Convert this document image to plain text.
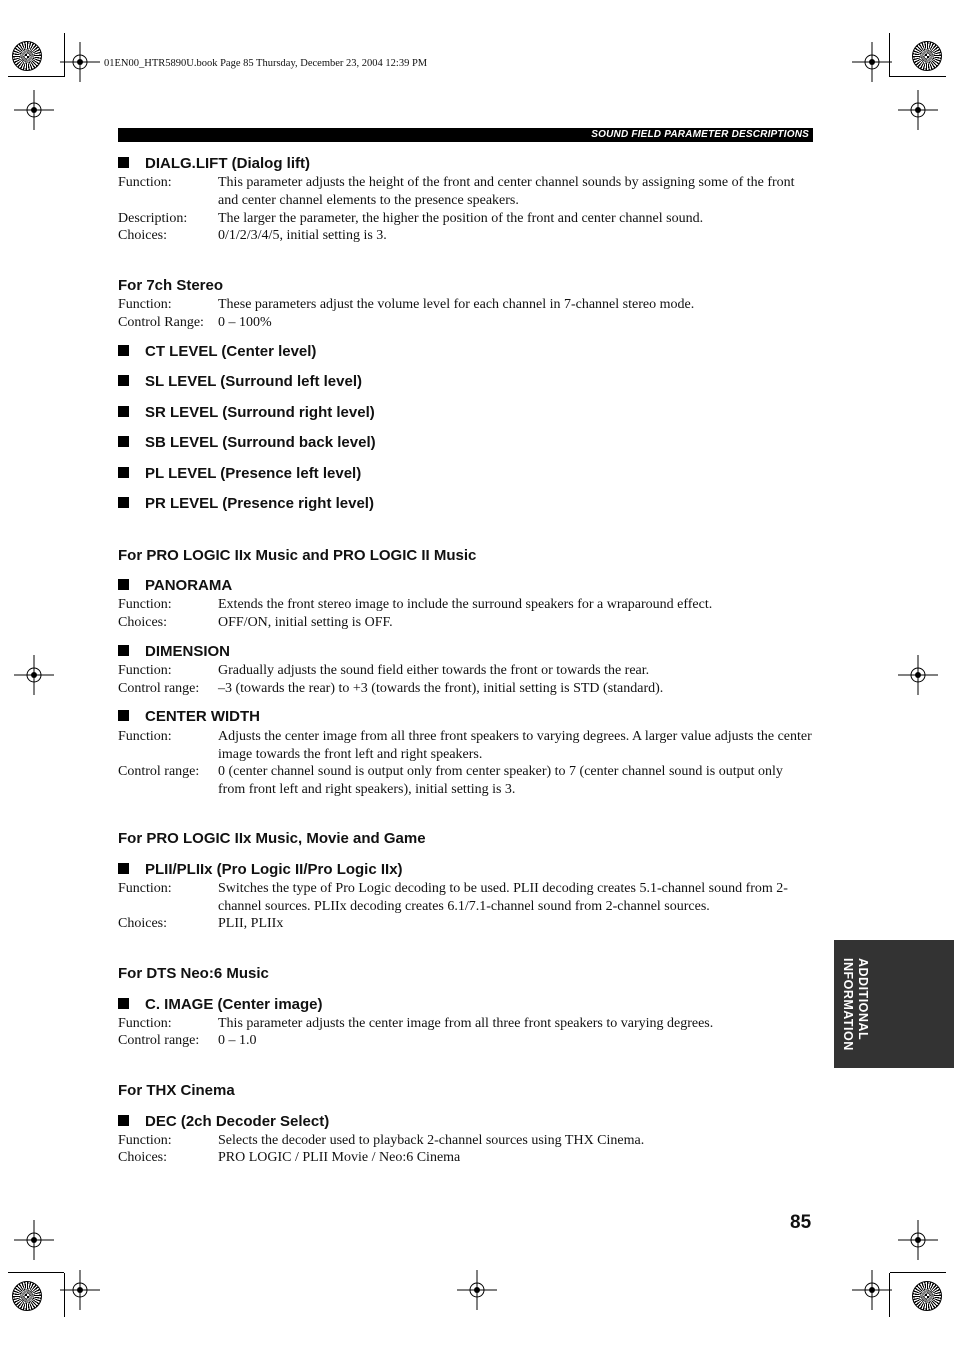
01EN00_HTR5890U.book Page 85 Thursday, December 23, 2004 12:39 PM
SOUND FIELD PARAMETER DESCRIPTIONS
DIALG.LIFT (Dialog lift)
Function:	This parameter adjusts the height of the front and center channel sounds by assigning some of the front and center channel elements to the presence speakers.
Description:	The larger the parameter, the higher the position of the front and center channel sound.
Choices:	0/1/2/3/4/5, initial setting is 3.
For 7ch Stereo
Function:	These parameters adjust the volume level for each channel in 7-channel stereo mode.
Control Range:	0 – 100%
CT LEVEL (Center level)
SL LEVEL (Surround left level)
SR LEVEL (Surround right level)
SB LEVEL (Surround back level)
PL LEVEL (Presence left level)
PR LEVEL (Presence right level)
For PRO LOGIC IIx Music and PRO LOGIC II Music
PANORAMA
Function:	Extends the front stereo image to include the surround speakers for a wraparound effect.
Choices:	OFF/ON, initial setting is OFF.
DIMENSION
Function:	Gradually adjusts the sound field either towards the front or towards the rear.
Control range:	–3 (towards the rear) to +3 (towards the front), initial setting is STD (standard).
CENTER WIDTH
Function:	Adjusts the center image from all three front speakers to varying degrees. A larger value adjusts the center image towards the front left and right speakers.
Control range:	0 (center channel sound is output only from center speaker) to 7 (center channel sound is output only from front left and right speakers), initial setting is 3.
For PRO LOGIC IIx Music, Movie and Game
PLII/PLIIx (Pro Logic II/Pro Logic IIx)
Function:	Switches the type of Pro Logic decoding to be used. PLII decoding creates 5.1-channel sound from 2-channel sources. PLIIx decoding creates 6.1/7.1-channel sound from 2-channel sources.
Choices:	PLII, PLIIx
For DTS Neo:6 Music
C. IMAGE (Center image)
Function:	This parameter adjusts the center image from all three front speakers to varying degrees.
Control range:	0 – 1.0
For THX Cinema
DEC (2ch Decoder Select)
Function:	Selects the decoder used to playback 2-channel sources using THX Cinema.
Choices:	PRO LOGIC / PLII Movie / Neo:6 Cinema
ADDITIONAL INFORMATION
85
